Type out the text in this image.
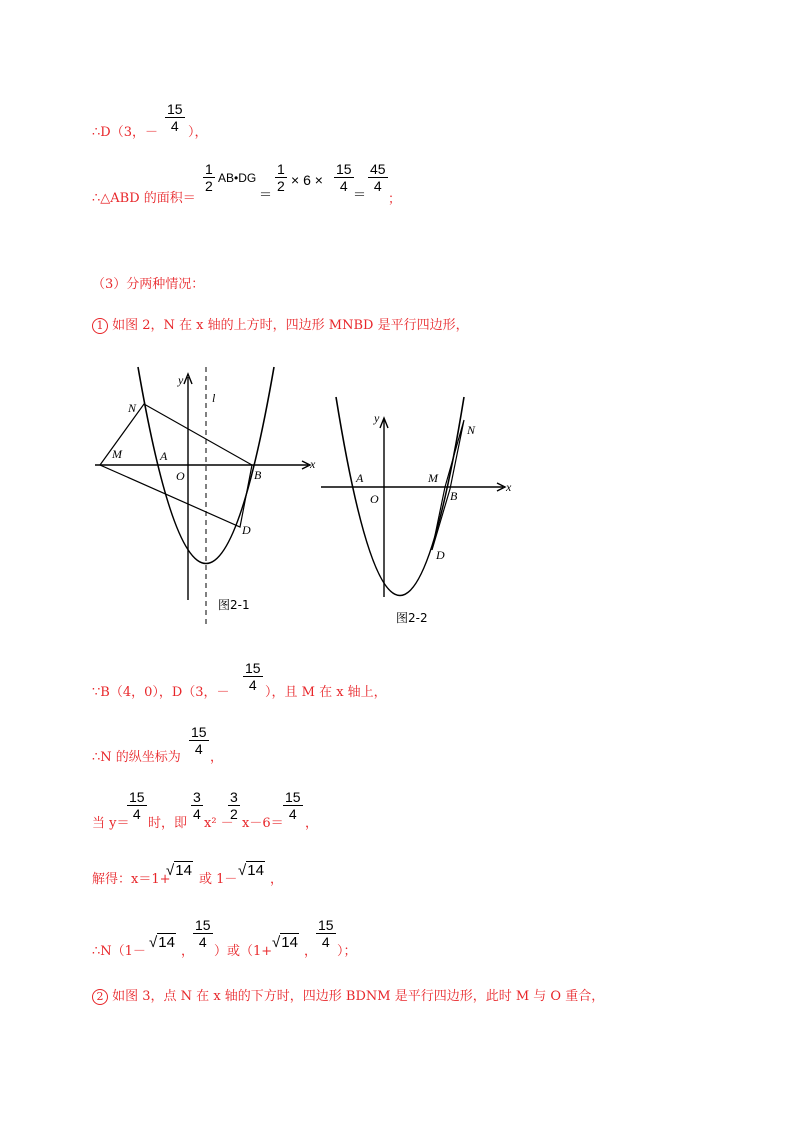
∴D（3，－ $\frac{15}{4}$ ），
∴△ABD 的面积＝
$\frac{1}{2}$ AB•DG
＝
$\frac{1}{2} \times 6 \times \frac{15}{4}$
＝
$\frac{45}{4}$
；
（3）分两种情况：
1 如图 2，N 在 x 轴的上方时，四边形 MNBD 是平行四边形，
y
x
l
N
M	A
O	B
D
图2-1
y
x
N
A
O
M
B
D
图2-2
∵B（4，0），D（3，－ $\frac{15}{4}$ ），且 M 在 x 轴上，
∴N 的纵坐标为
$\frac{15}{4}$
，
当 y＝
$\frac{15}{4}$
时，即
$\frac{3}{4}$
x² －
$\frac{3}{2}$
x－6＝
$\frac{15}{4}$
，
解得：x＝1+
√14
或 1－
√14
，
∴N（1－
√14
，
$\frac{15}{4}$
）或（1+
√14
，
$\frac{15}{4}$
）；
2 如图 3，点 N 在 x 轴的下方时，四边形 BDNM 是平行四边形，此时 M 与 O 重合，
